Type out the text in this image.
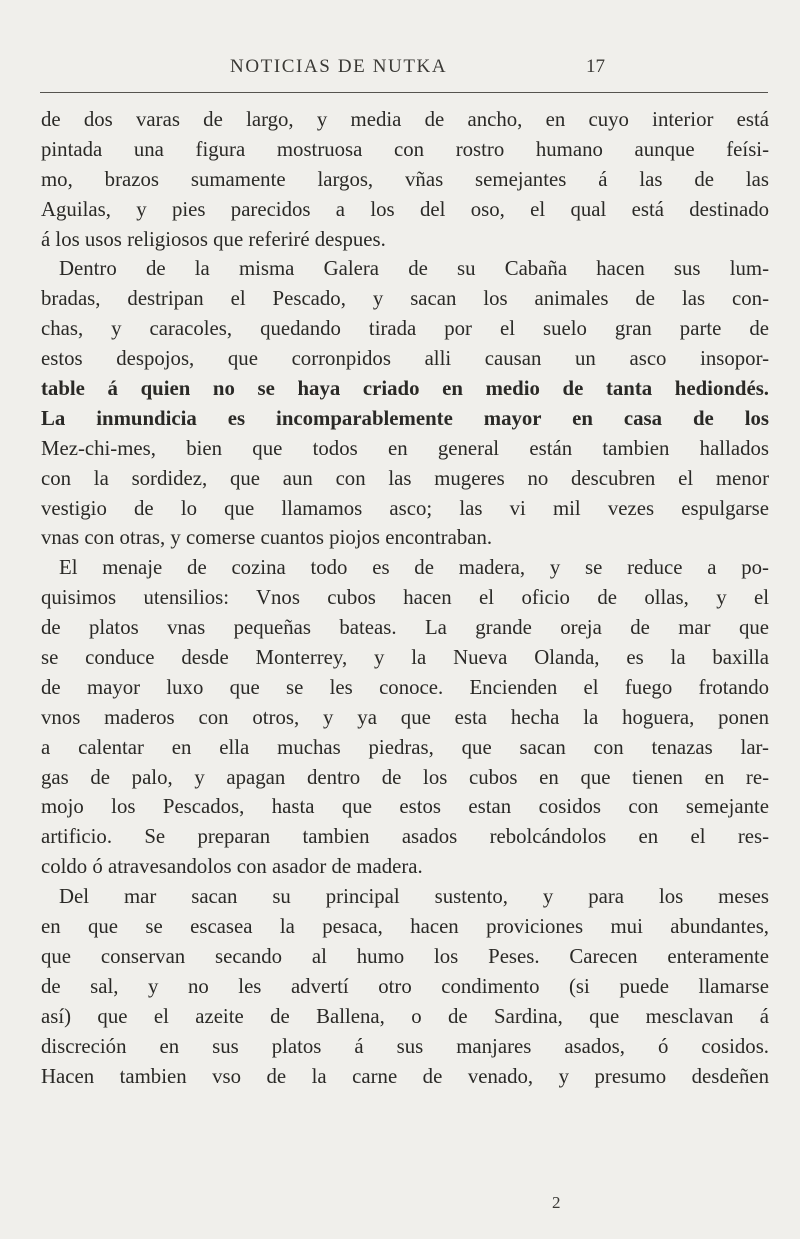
NOTICIAS DE NUTKA	17
de dos varas de largo, y media de ancho, en cuyo interior está
pintada una figura mostruosa con rostro humano aunque feísi-
mo, brazos sumamente largos, vñas semejantes á las de las
Aguilas, y pies parecidos a los del oso, el qual está destinado
á los usos religiosos que referiré despues.
Dentro de la misma Galera de su Cabaña hacen sus lum-
bradas, destripan el Pescado, y sacan los animales de las con-
chas, y caracoles, quedando tirada por el suelo gran parte de
estos despojos, que corronpidos alli causan un asco insopor-
table á quien no se haya criado en medio de tanta hediondés.
La inmundicia es incomparablemente mayor en casa de los
Mez-chi-mes, bien que todos en general están tambien hallados
con la sordidez, que aun con las mugeres no descubren el menor
vestigio de lo que llamamos asco; las vi mil vezes espulgarse
vnas con otras, y comerse cuantos piojos encontraban.
El menaje de cozina todo es de madera, y se reduce a po-
quisimos utensilios: Vnos cubos hacen el oficio de ollas, y el
de platos vnas pequeñas bateas. La grande oreja de mar que
se conduce desde Monterrey, y la Nueva Olanda, es la baxilla
de mayor luxo que se les conoce. Encienden el fuego frotando
vnos maderos con otros, y ya que esta hecha la hoguera, ponen
a calentar en ella muchas piedras, que sacan con tenazas lar-
gas de palo, y apagan dentro de los cubos en que tienen en re-
mojo los Pescados, hasta que estos estan cosidos con semejante
artificio. Se preparan tambien asados rebolcándolos en el res-
coldo ó atravesandolos con asador de madera.
Del mar sacan su principal sustento, y para los meses
en que se escasea la pesaca, hacen proviciones mui abundantes,
que conservan secando al humo los Peses. Carecen enteramente
de sal, y no les advertí otro condimento (si puede llamarse
así) que el azeite de Ballena, o de Sardina, que mesclavan á
discreción en sus platos á sus manjares asados, ó cosidos.
Hacen tambien vso de la carne de venado, y presumo desdeñen
2
